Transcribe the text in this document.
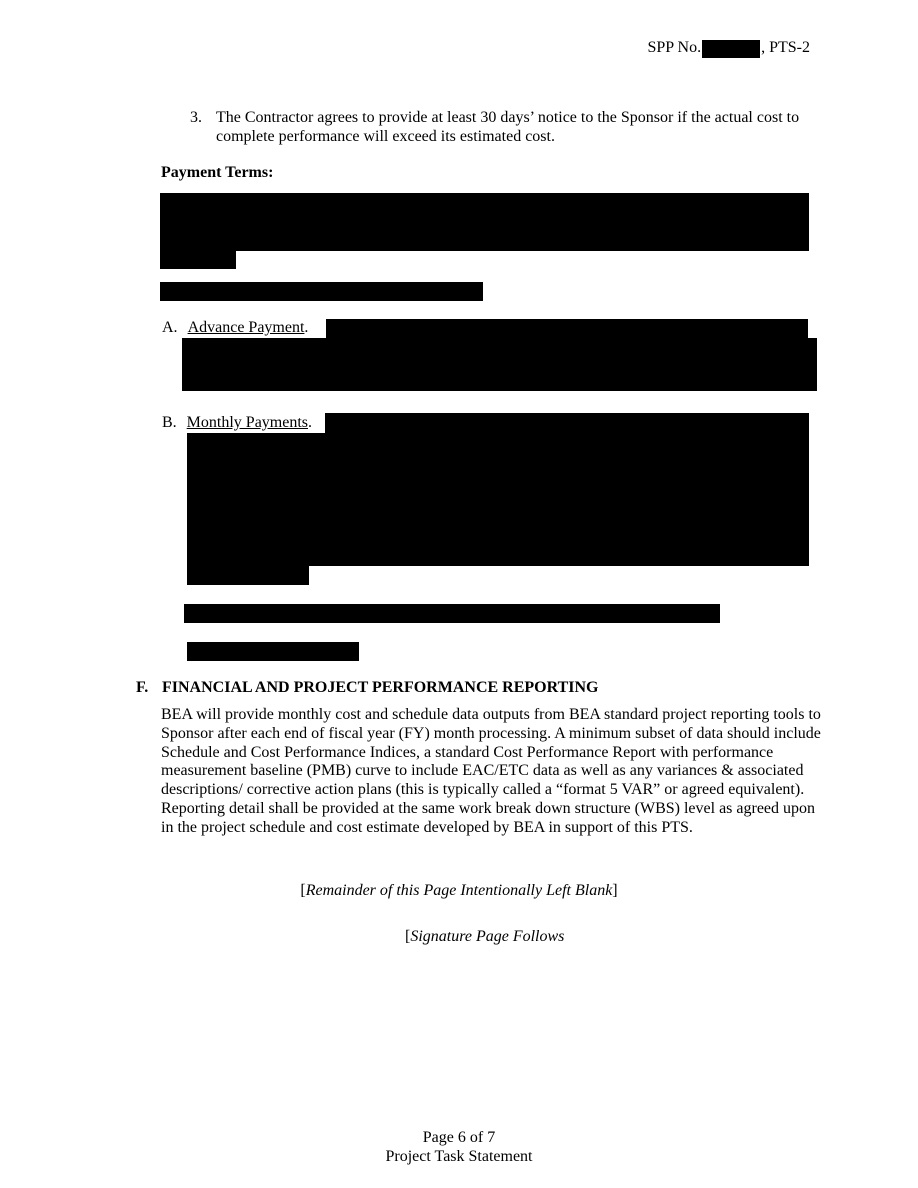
SPP No.	, PTS-2
3. The Contractor agrees to provide at least 30 days’ notice to the Sponsor if the actual cost to complete performance will exceed its estimated cost.
Payment Terms:
A. Advance Payment.
B. Monthly Payments.
F. FINANCIAL AND PROJECT PERFORMANCE REPORTING
BEA will provide monthly cost and schedule data outputs from BEA standard project reporting tools to Sponsor after each end of fiscal year (FY) month processing. A minimum subset of data should include Schedule and Cost Performance Indices, a standard Cost Performance Report with performance measurement baseline (PMB) curve to include EAC/ETC data as well as any variances & associated descriptions/ corrective action plans (this is typically called a “format 5 VAR” or agreed equivalent). Reporting detail shall be provided at the same work break down structure (WBS) level as agreed upon in the project schedule and cost estimate developed by BEA in support of this PTS.
[Remainder of this Page Intentionally Left Blank]
[Signature Page Follows
Page 6 of 7
Project Task Statement
